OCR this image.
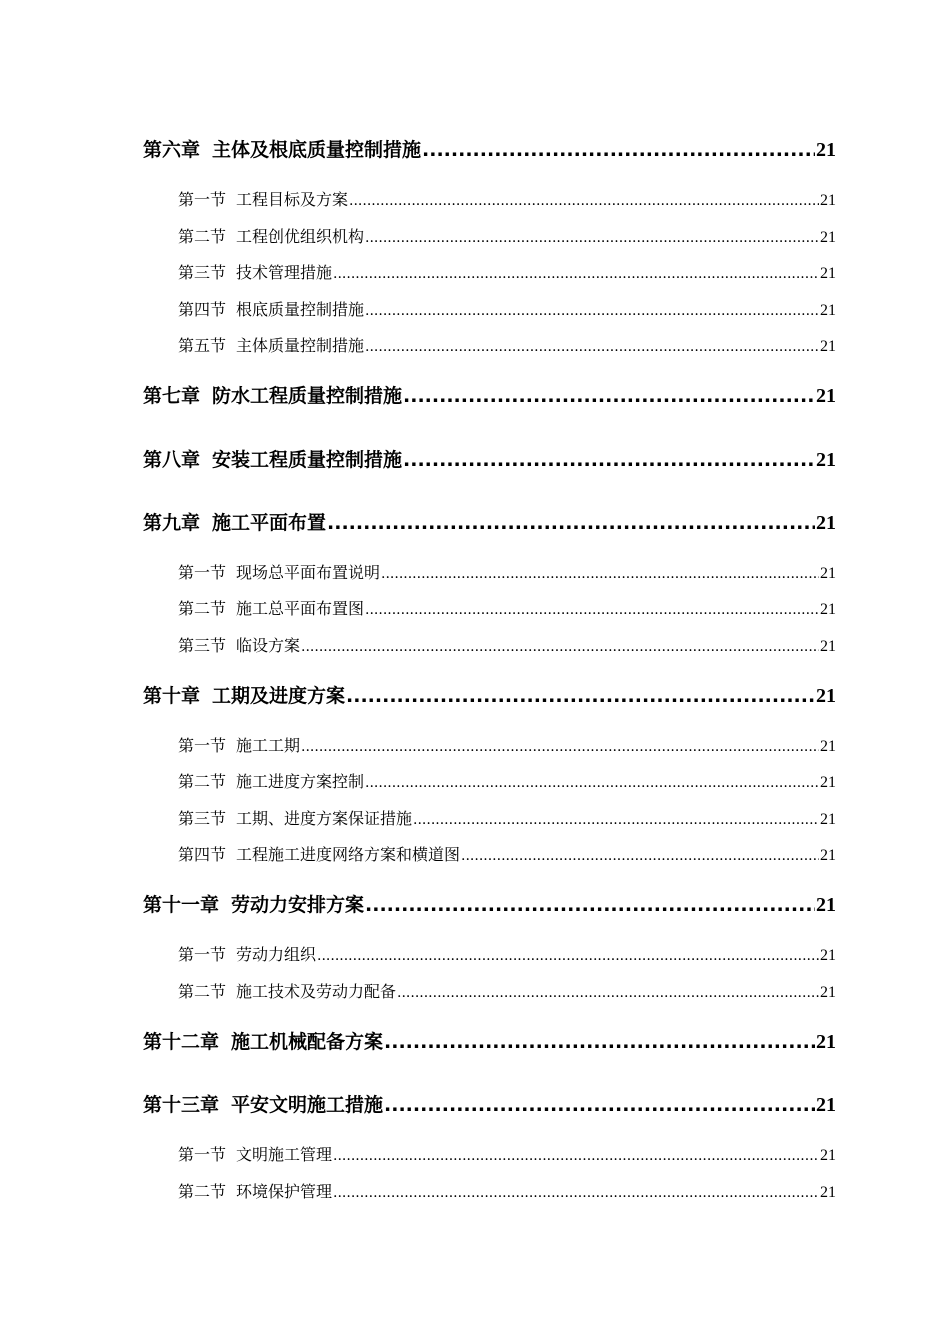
第六章 主体及根底质量控制措施 .....	21
第一节 工程目标及方案 .....	21
第二节 工程创优组织机构 .....	21
第三节 技术管理措施 .....	21
第四节 根底质量控制措施 .....	21
第五节 主体质量控制措施 .....	21
第七章 防水工程质量控制措施 .....	21
第八章 安装工程质量控制措施 .....	21
第九章 施工平面布置 .....	21
第一节 现场总平面布置说明 .....	21
第二节 施工总平面布置图 .....	21
第三节 临设方案 .....	21
第十章 工期及进度方案 .....	21
第一节 施工工期 .....	21
第二节 施工进度方案控制 .....	21
第三节 工期、进度方案保证措施 .....	21
第四节 工程施工进度网络方案和横道图 .....	21
第十一章 劳动力安排方案 .....	21
第一节 劳动力组织 .....	21
第二节 施工技术及劳动力配备 .....	21
第十二章 施工机械配备方案 .....	21
第十三章 平安文明施工措施 .....	21
第一节 文明施工管理 .....	21
第二节 环境保护管理 .....	21
